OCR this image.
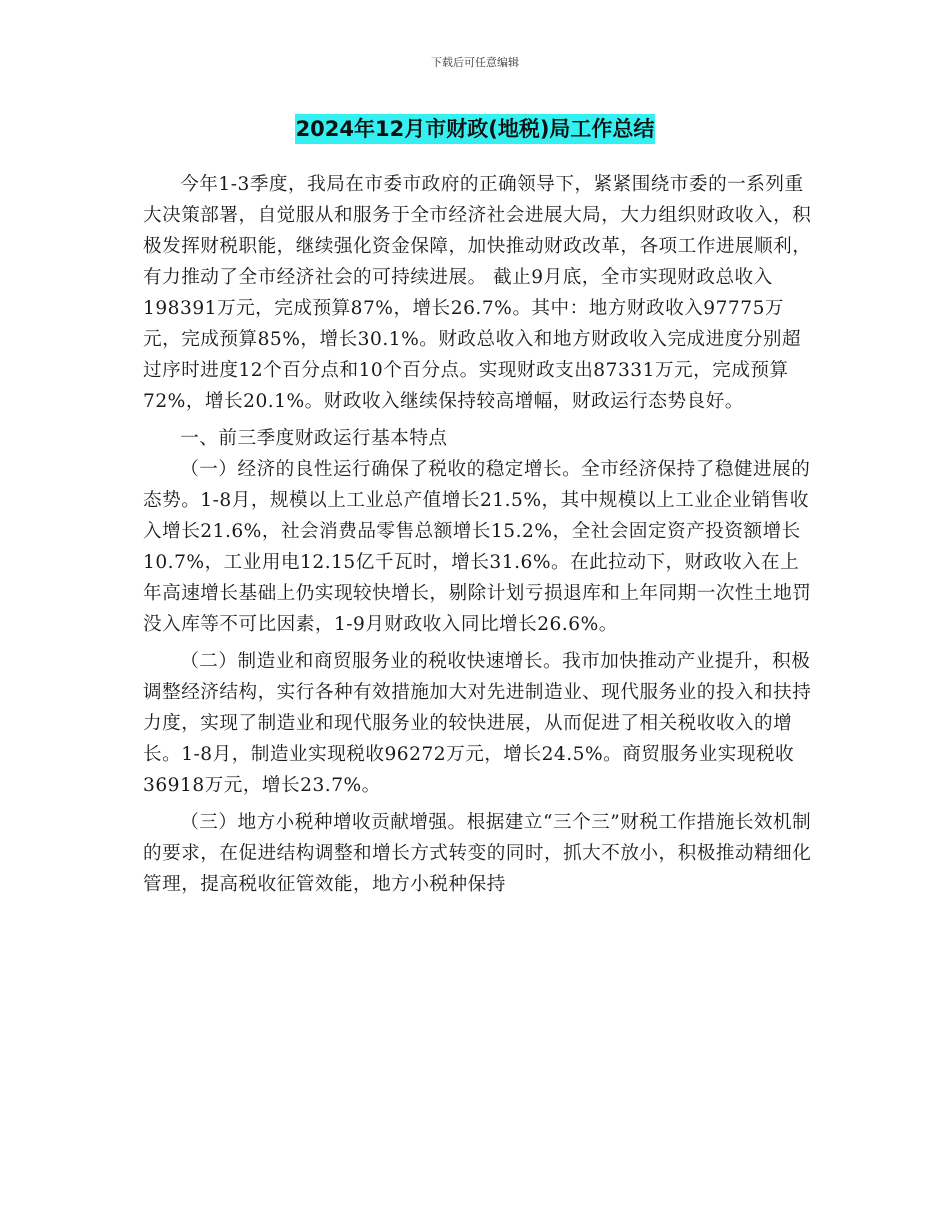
下载后可任意编辑
2024年12月市财政(地税)局工作总结

今年1-3季度，我局在市委市政府的正确领导下，紧紧围绕市委的一系列重大决策部署，自觉服从和服务于全市经济社会进展大局，大力组织财政收入，积极发挥财税职能，继续强化资金保障，加快推动财政改革，各项工作进展顺利，有力推动了全市经济社会的可持续进展。 截止9月底，全市实现财政总收入198391万元，完成预算87%，增长26.7%。其中：地方财政收入97775万元，完成预算85%，增长30.1%。财政总收入和地方财政收入完成进度分别超过序时进度12个百分点和10个百分点。实现财政支出87331万元，完成预算72%，增长20.1%。财政收入继续保持较高增幅，财政运行态势良好。

一、前三季度财政运行基本特点

（一）经济的良性运行确保了税收的稳定增长。全市经济保持了稳健进展的态势。1-8月，规模以上工业总产值增长21.5%，其中规模以上工业企业销售收入增长21.6%，社会消费品零售总额增长15.2%，全社会固定资产投资额增长10.7%，工业用电12.15亿千瓦时，增长31.6%。在此拉动下，财政收入在上年高速增长基础上仍实现较快增长，剔除计划亏损退库和上年同期一次性土地罚没入库等不可比因素，1-9月财政收入同比增长26.6%。

（二）制造业和商贸服务业的税收快速增长。我市加快推动产业提升，积极调整经济结构，实行各种有效措施加大对先进制造业、现代服务业的投入和扶持力度，实现了制造业和现代服务业的较快进展，从而促进了相关税收收入的增长。1-8月，制造业实现税收96272万元，增长24.5%。商贸服务业实现税收36918万元，增长23.7%。

（三）地方小税种增收贡献增强。根据建立“三个三”财税工作措施长效机制的要求，在促进结构调整和增长方式转变的同时，抓大不放小，积极推动精细化管理，提高税收征管效能，地方小税种保持
